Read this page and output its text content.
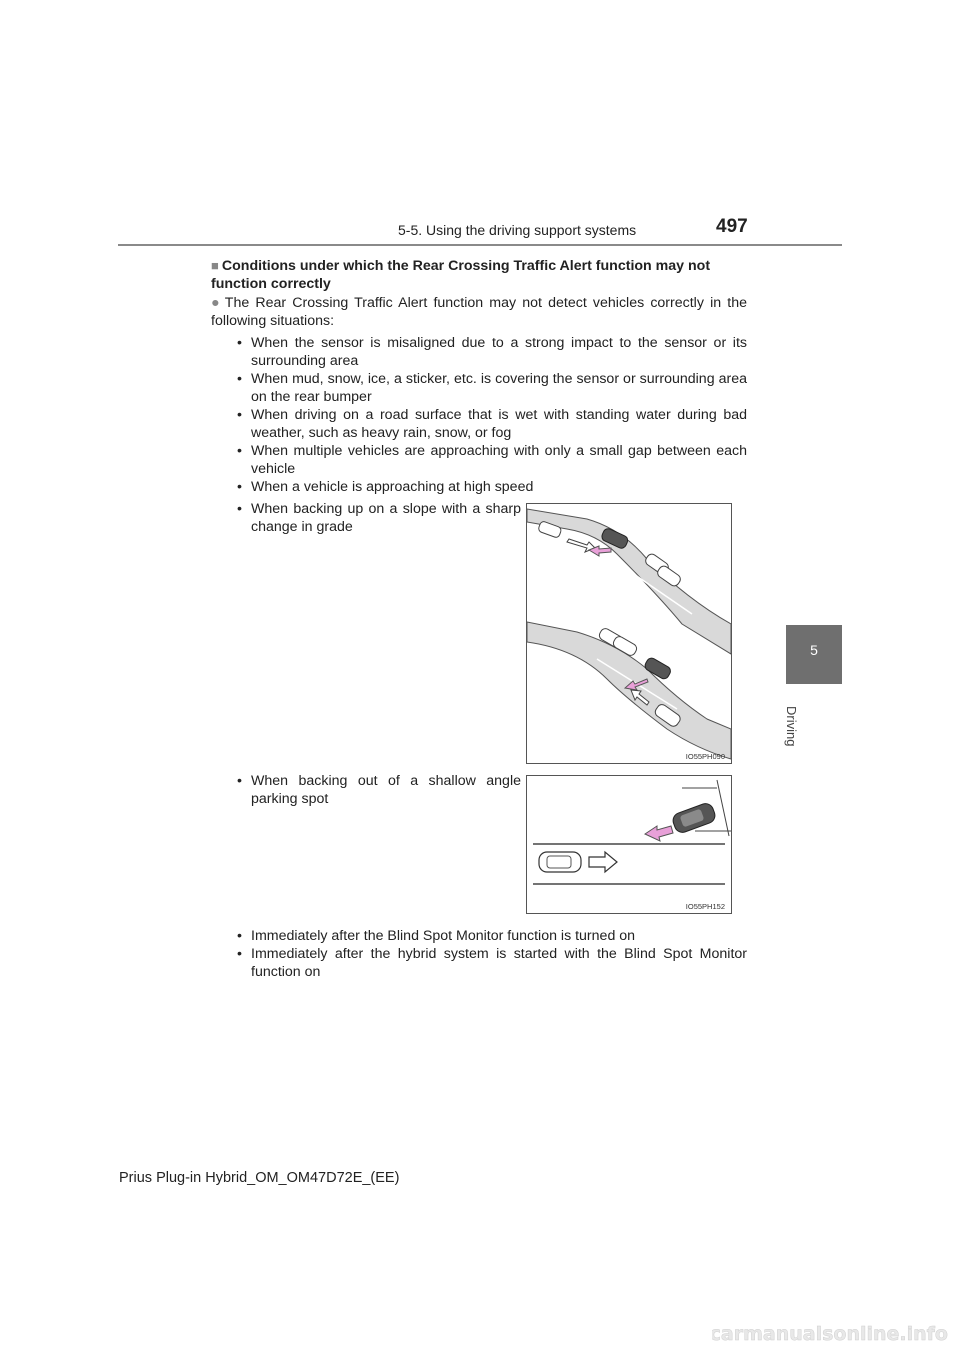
5-5. Using the driving support systems	497
5
Driving
■ Conditions under which the Rear Crossing Traffic Alert function may not function correctly
● The Rear Crossing Traffic Alert function may not detect vehicles correctly in the following situations:
• When the sensor is misaligned due to a strong impact to the sensor or its surrounding area
• When mud, snow, ice, a sticker, etc. is covering the sensor or surrounding area on the rear bumper
• When driving on a road surface that is wet with standing water during bad weather, such as heavy rain, snow, or fog
• When multiple vehicles are approaching with only a small gap between each vehicle
• When a vehicle is approaching at high speed
• When backing up on a slope with a sharp change in grade
IO55PH090
• When backing out of a shallow angle parking spot
IO55PH152
• Immediately after the Blind Spot Monitor function is turned on
• Immediately after the hybrid system is started with the Blind Spot Monitor function on
Prius Plug-in Hybrid_OM_OM47D72E_(EE)
carmanualsonline.info
